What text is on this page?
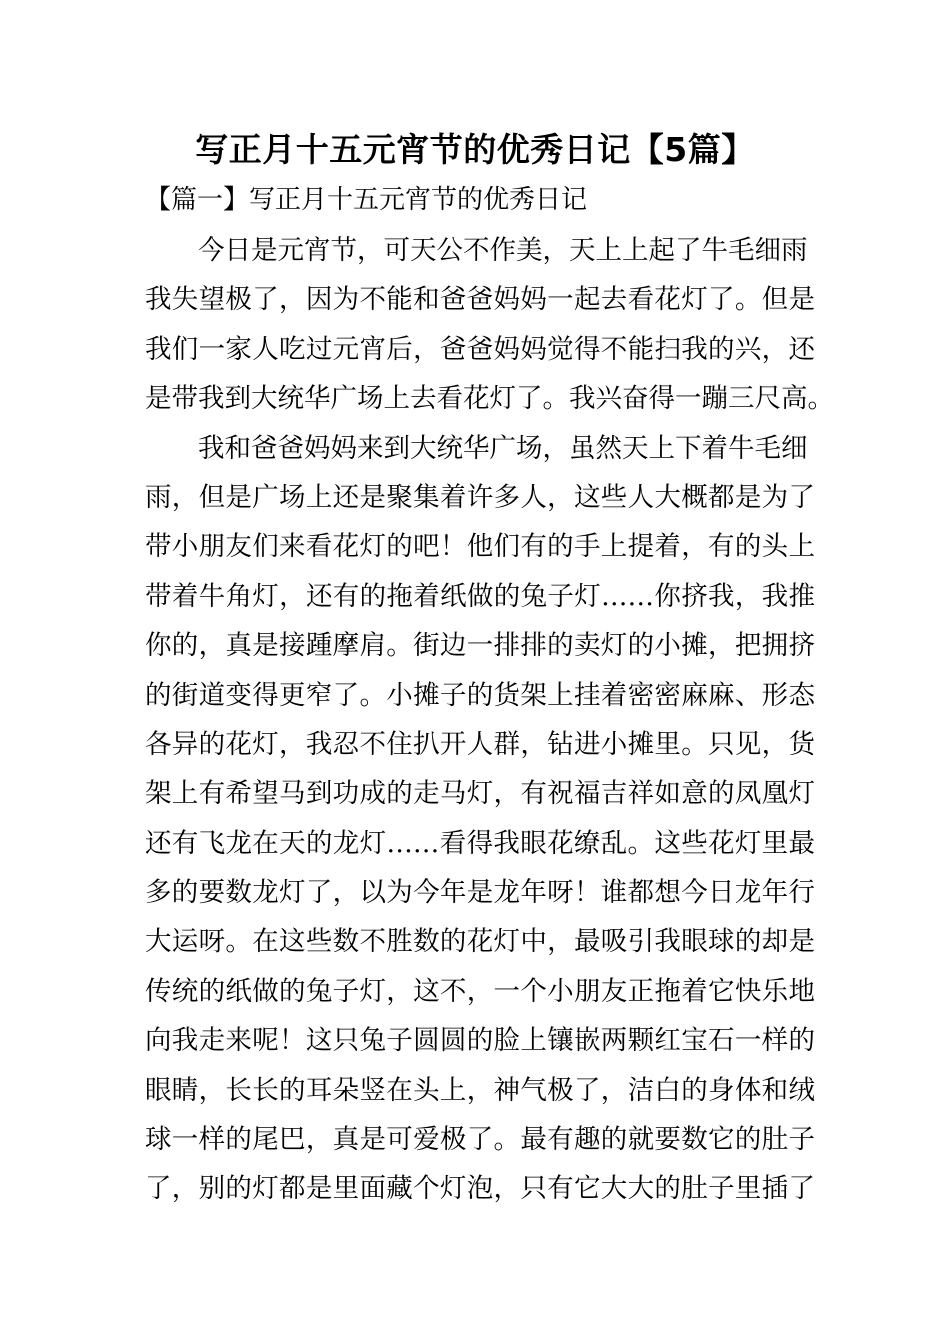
写正月十五元宵节的优秀日记【5篇】
【篇一】写正月十五元宵节的优秀日记
今日是元宵节，可天公不作美，天上上起了牛毛细雨
我失望极了，因为不能和爸爸妈妈一起去看花灯了。但是
我们一家人吃过元宵后，爸爸妈妈觉得不能扫我的兴，还
是带我到大统华广场上去看花灯了。我兴奋得一蹦三尺高。
我和爸爸妈妈来到大统华广场，虽然天上下着牛毛细
雨，但是广场上还是聚集着许多人，这些人大概都是为了
带小朋友们来看花灯的吧！他们有的手上提着，有的头上
带着牛角灯，还有的拖着纸做的兔子灯……你挤我，我推
你的，真是接踵摩肩。街边一排排的卖灯的小摊，把拥挤
的街道变得更窄了。小摊子的货架上挂着密密麻麻、形态
各异的花灯，我忍不住扒开人群，钻进小摊里。只见，货
架上有希望马到功成的走马灯，有祝福吉祥如意的凤凰灯
还有飞龙在天的龙灯……看得我眼花缭乱。这些花灯里最
多的要数龙灯了，以为今年是龙年呀！谁都想今日龙年行
大运呀。在这些数不胜数的花灯中，最吸引我眼球的却是
传统的纸做的兔子灯，这不，一个小朋友正拖着它快乐地
向我走来呢！这只兔子圆圆的脸上镶嵌两颗红宝石一样的
眼睛，长长的耳朵竖在头上，神气极了，洁白的身体和绒
球一样的尾巴，真是可爱极了。最有趣的就要数它的肚子
了，别的灯都是里面藏个灯泡，只有它大大的肚子里插了
